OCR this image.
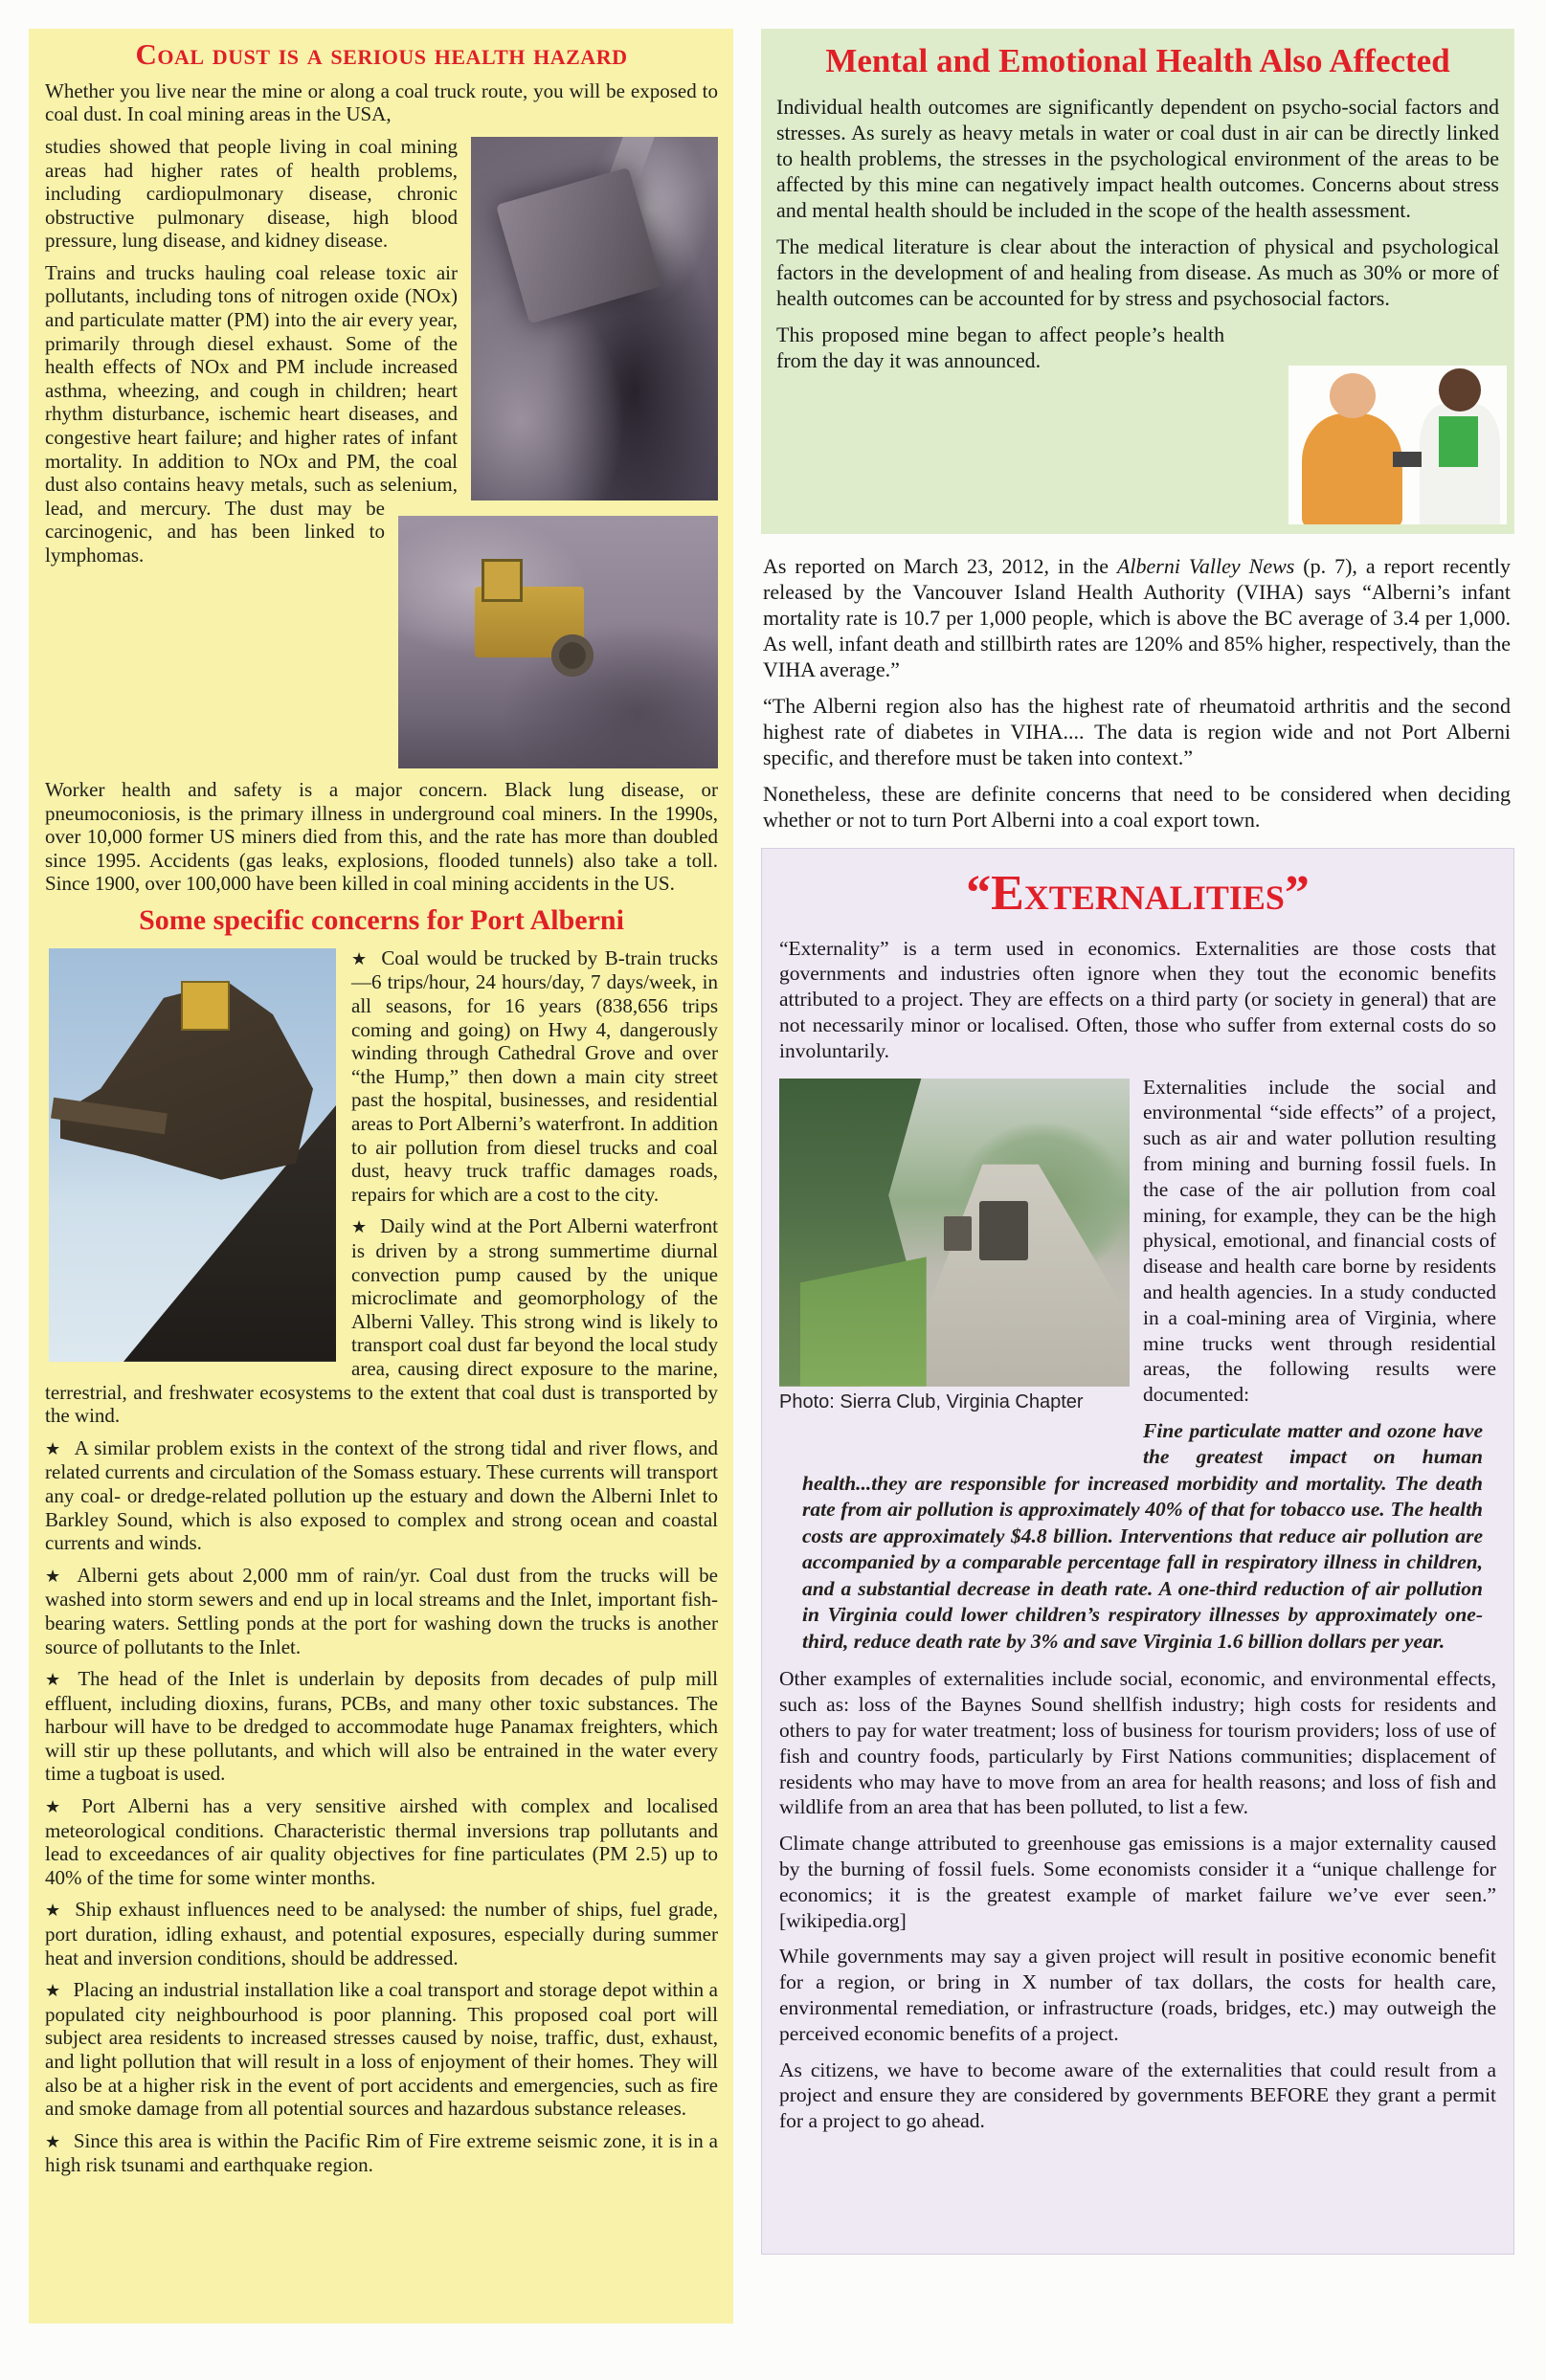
Coal dust is a serious health hazard

Whether you live near the mine or along a coal truck route, you will be exposed to coal dust. In coal mining areas in the USA,

studies showed that people living in coal mining areas had higher rates of health problems, including cardiopulmonary disease, chronic obstructive pulmonary disease, high blood pressure, lung disease, and kidney disease.

Trains and trucks hauling coal release toxic air pollutants, including tons of nitrogen oxide (NOx) and particulate matter (PM) into the air every year, primarily through diesel exhaust. Some of the health effects of NOx and PM include increased asthma, wheezing, and cough in children; heart rhythm disturbance, ischemic heart diseases, and congestive heart failure; and higher rates of infant mortality. In addition to NOx and PM, the coal dust also contains heavy metals, such as selenium, lead, and mercury. The dust may be carcinogenic, and has been linked to lymphomas.

Worker health and safety is a major concern. Black lung disease, or pneumoconiosis, is the primary illness in underground coal miners. In the 1990s, over 10,000 former US miners died from this, and the rate has more than doubled since 1995. Accidents (gas leaks, explosions, flooded tunnels) also take a toll. Since 1900, over 100,000 have been killed in coal mining accidents in the US.

Some specific concerns for Port Alberni

★ Coal would be trucked by B-train trucks—6 trips/hour, 24 hours/day, 7 days/week, in all seasons, for 16 years (838,656 trips coming and going) on Hwy 4, dangerously winding through Cathedral Grove and over “the Hump,” then down a main city street past the hospital, businesses, and residential areas to Port Alberni’s waterfront. In addition to air pollution from diesel trucks and coal dust, heavy truck traffic damages roads, repairs for which are a cost to the city.

★ Daily wind at the Port Alberni waterfront is driven by a strong summertime diurnal convection pump caused by the unique microclimate and geomorphology of the Alberni Valley. This strong wind is likely to transport coal dust far beyond the local study area, causing direct exposure to the marine, terrestrial, and freshwater ecosystems to the extent that coal dust is transported by the wind.

★ A similar problem exists in the context of the strong tidal and river flows, and related currents and circulation of the Somass estuary. These currents will transport any coal- or dredge-related pollution up the estuary and down the Alberni Inlet to Barkley Sound, which is also exposed to complex and strong ocean and coastal currents and winds.

★ Alberni gets about 2,000 mm of rain/yr. Coal dust from the trucks will be washed into storm sewers and end up in local streams and the Inlet, important fish-bearing waters. Settling ponds at the port for washing down the trucks is another source of pollutants to the Inlet.

★ The head of the Inlet is underlain by deposits from decades of pulp mill effluent, including dioxins, furans, PCBs, and many other toxic substances. The harbour will have to be dredged to accommodate huge Panamax freighters, which will stir up these pollutants, and which will also be entrained in the water every time a tugboat is used.

★ Port Alberni has a very sensitive airshed with complex and localised meteorological conditions. Characteristic thermal inversions trap pollutants and lead to exceedances of air quality objectives for fine particulates (PM 2.5) up to 40% of the time for some winter months.

★ Ship exhaust influences need to be analysed: the number of ships, fuel grade, port duration, idling exhaust, and potential exposures, especially during summer heat and inversion conditions, should be addressed.

★ Placing an industrial installation like a coal transport and storage depot within a populated city neighbourhood is poor planning. This proposed coal port will subject area residents to increased stresses caused by noise, traffic, dust, exhaust, and light pollution that will result in a loss of enjoyment of their homes. They will also be at a higher risk in the event of port accidents and emergencies, such as fire and smoke damage from all potential sources and hazardous substance releases.

★ Since this area is within the Pacific Rim of Fire extreme seismic zone, it is in a high risk tsunami and earthquake region.

Mental and Emotional Health Also Affected

Individual health outcomes are significantly dependent on psycho-social factors and stresses. As surely as heavy metals in water or coal dust in air can be directly linked to health problems, the stresses in the psychological environment of the areas to be affected by this mine can negatively impact health outcomes. Concerns about stress and mental health should be included in the scope of the health assessment.

The medical literature is clear about the interaction of physical and psychological factors in the development of and healing from disease. As much as 30% or more of health outcomes can be accounted for by stress and psychosocial factors.

This proposed mine began to affect people’s health from the day it was announced.

As reported on March 23, 2012, in the Alberni Valley News (p. 7), a report recently released by the Vancouver Island Health Authority (VIHA) says “Alberni’s infant mortality rate is 10.7 per 1,000 people, which is above the BC average of 3.4 per 1,000. As well, infant death and stillbirth rates are 120% and 85% higher, respectively, than the VIHA average.”

“The Alberni region also has the highest rate of rheumatoid arthritis and the second highest rate of diabetes in VIHA.... The data is region wide and not Port Alberni specific, and therefore must be taken into context.”

Nonetheless, these are definite concerns that need to be considered when deciding whether or not to turn Port Alberni into a coal export town.

“Externalities”

“Externality” is a term used in economics. Externalities are those costs that governments and industries often ignore when they tout the economic benefits attributed to a project. They are effects on a third party (or society in general) that are not necessarily minor or localised. Often, those who suffer from external costs do so involuntarily.

Photo: Sierra Club, Virginia Chapter

Externalities include the social and environmental “side effects” of a project, such as air and water pollution resulting from mining and burning fossil fuels. In the case of the air pollution from coal mining, for example, they can be the high physical, emotional, and financial costs of disease and health care borne by residents and health agencies. In a study conducted in a coal-mining area of Virginia, where mine trucks went through residential areas, the following results were documented:

Fine particulate matter and ozone have the greatest impact on human health...they are responsible for increased morbidity and mortality. The death rate from air pollution is approximately 40% of that for tobacco use. The health costs are approximately $4.8 billion. Interventions that reduce air pollution are accompanied by a comparable percentage fall in respiratory illness in children, and a substantial decrease in death rate. A one-third reduction of air pollution in Virginia could lower children’s respiratory illnesses by approximately one-third, reduce death rate by 3% and save Virginia 1.6 billion dollars per year.

Other examples of externalities include social, economic, and environmental effects, such as: loss of the Baynes Sound shellfish industry; high costs for residents and others to pay for water treatment; loss of business for tourism providers; loss of use of fish and country foods, particularly by First Nations communities; displacement of residents who may have to move from an area for health reasons; and loss of fish and wildlife from an area that has been polluted, to list a few.

Climate change attributed to greenhouse gas emissions is a major externality caused by the burning of fossil fuels. Some economists consider it a “unique challenge for economics; it is the greatest example of market failure we’ve ever seen.” [wikipedia.org]

While governments may say a given project will result in positive economic benefit for a region, or bring in X number of tax dollars, the costs for health care, environmental remediation, or infrastructure (roads, bridges, etc.) may outweigh the perceived economic benefits of a project.

As citizens, we have to become aware of the externalities that could result from a project and ensure they are considered by governments BEFORE they grant a permit for a project to go ahead.
